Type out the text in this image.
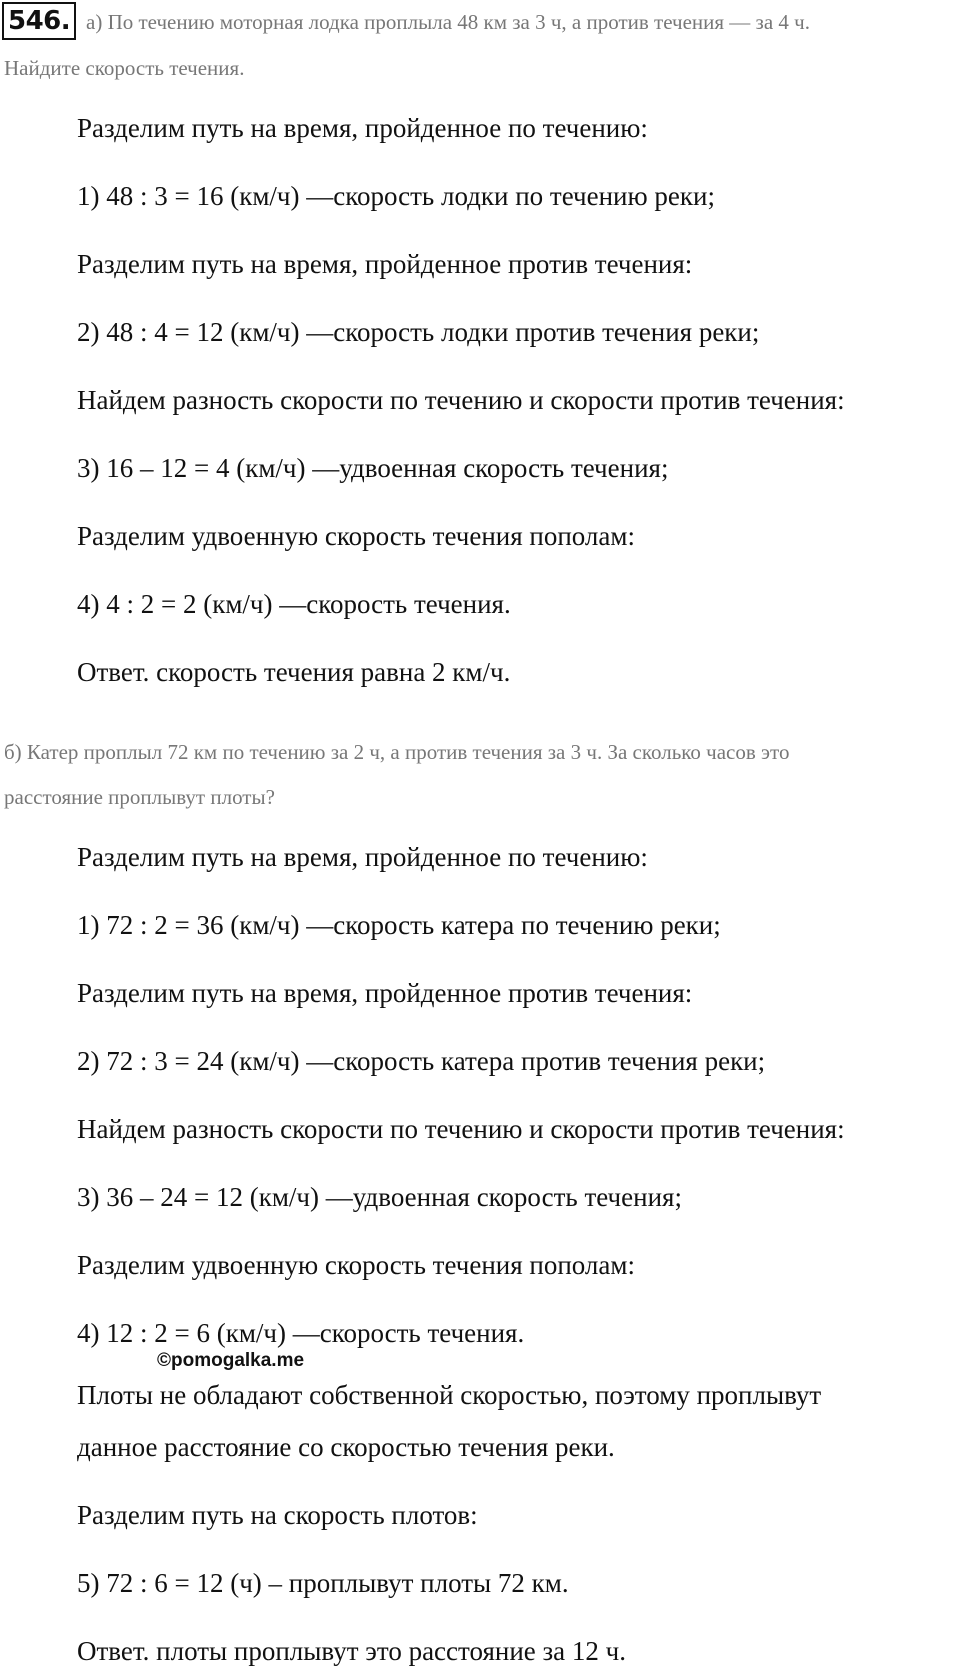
546. а) По течению моторная лодка проплыла 48 км за 3 ч, а против течения — за 4 ч.
Найдите скорость течения.
Разделим путь на время, пройденное по течению:
1) 48 : 3 = 16 (км/ч) —скорость лодки по течению реки;
Разделим путь на время, пройденное против течения:
2) 48 : 4 = 12 (км/ч) —скорость лодки против течения реки;
Найдем разность скорости по течению и скорости против течения:
3) 16 – 12 = 4 (км/ч) —удвоенная скорость течения;
Разделим удвоенную скорость течения пополам:
4) 4 : 2 = 2 (км/ч) —скорость течения.
Ответ. скорость течения равна 2 км/ч.
б) Катер проплыл 72 км по течению за 2 ч, а против течения за 3 ч. За сколько часов это
расстояние проплывут плоты?
Разделим путь на время, пройденное по течению:
1) 72 : 2 = 36 (км/ч) —скорость катера по течению реки;
Разделим путь на время, пройденное против течения:
2) 72 : 3 = 24 (км/ч) —скорость катера против течения реки;
Найдем разность скорости по течению и скорости против течения:
3) 36 – 24 = 12 (км/ч) —удвоенная скорость течения;
Разделим удвоенную скорость течения пополам:
4) 12 : 2 = 6 (км/ч) —скорость течения.
©pomogalka.me
Плоты не обладают собственной скоростью, поэтому проплывут
данное расстояние со скоростью течения реки.
Разделим путь на скорость плотов:
5) 72 : 6 = 12 (ч) – проплывут плоты 72 км.
Ответ. плоты проплывут это расстояние за 12 ч.
